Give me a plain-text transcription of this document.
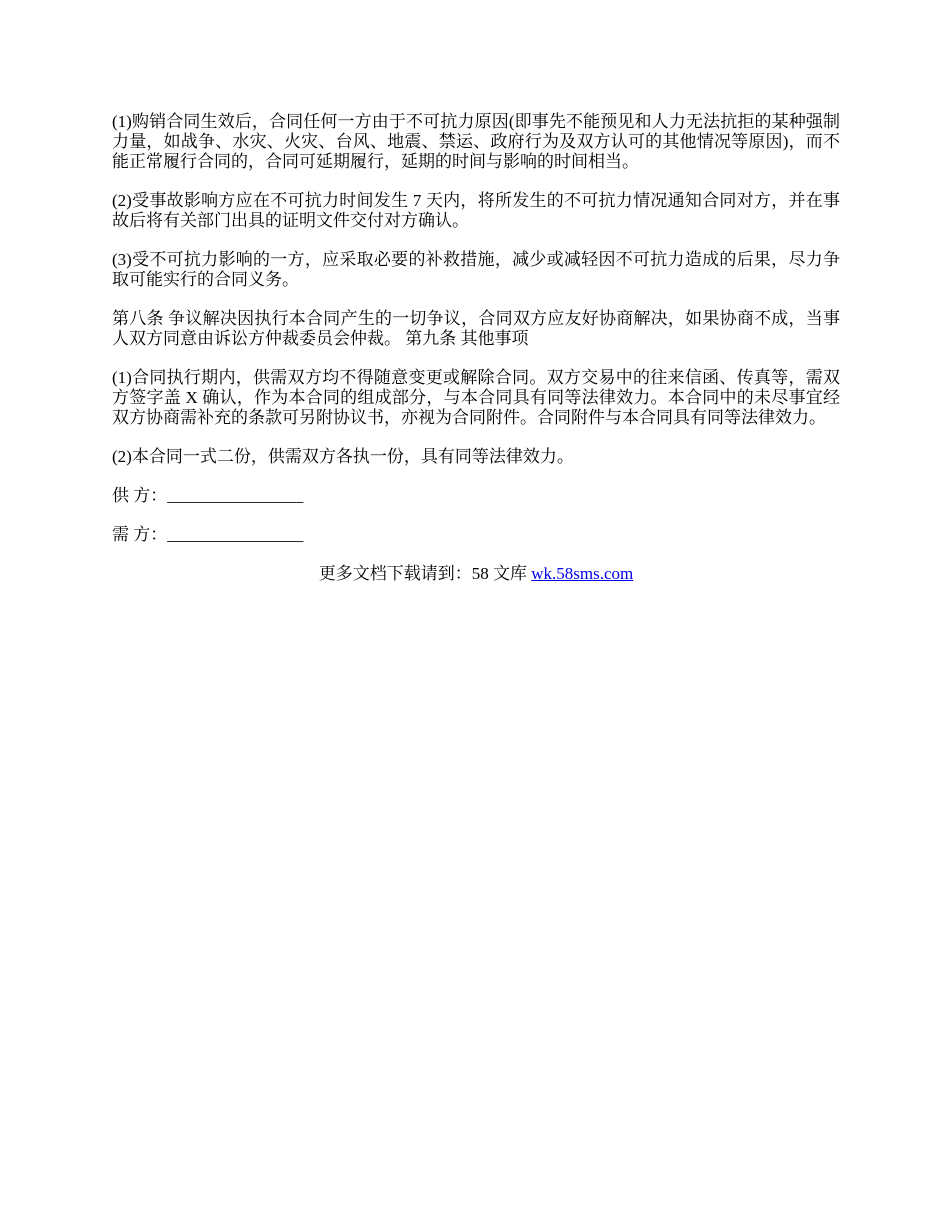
(1)购销合同生效后，合同任何一方由于不可抗力原因(即事先不能预见和人力无法抗拒的某种强制力量，如战争、水灾、火灾、台风、地震、禁运、政府行为及双方认可的其他情况等原因)，而不能正常履行合同的，合同可延期履行，延期的时间与影响的时间相当。

(2)受事故影响方应在不可抗力时间发生 7 天内，将所发生的不可抗力情况通知合同对方，并在事故后将有关部门出具的证明文件交付对方确认。

(3)受不可抗力影响的一方，应采取必要的补救措施，减少或减轻因不可抗力造成的后果，尽力争取可能实行的合同义务。

第八条 争议解决因执行本合同产生的一切争议，合同双方应友好协商解决，如果协商不成，当事人双方同意由诉讼方仲裁委员会仲裁。 第九条 其他事项

(1)合同执行期内，供需双方均不得随意变更或解除合同。双方交易中的往来信函、传真等，需双方签字盖 X 确认，作为本合同的组成部分，与本合同具有同等法律效力。本合同中的未尽事宜经双方协商需补充的条款可另附协议书，亦视为合同附件。合同附件与本合同具有同等法律效力。

(2)本合同一式二份，供需双方各执一份，具有同等法律效力。

供 方：________________

需 方：________________

更多文档下载请到：58 文库 wk.58sms.com
